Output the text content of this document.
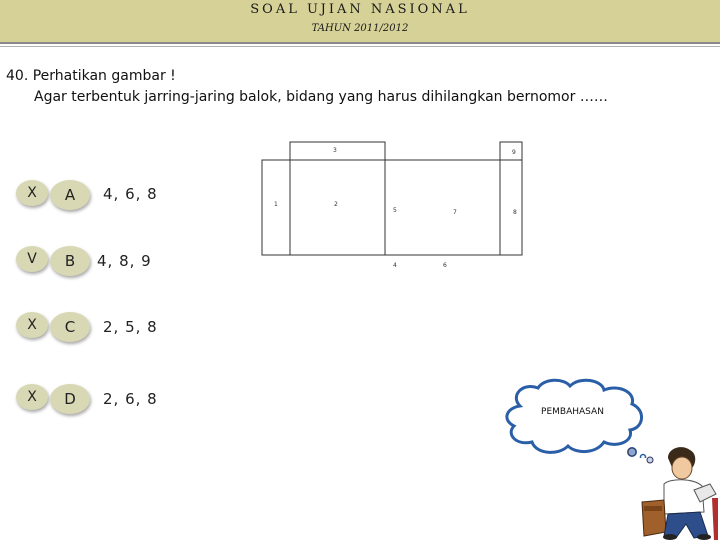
SOAL UJIAN NASIONAL
TAHUN 2011/2012
40. Perhatikan gambar !
Agar terbentuk jarring-jaring balok, bidang yang harus dihilangkan bernomor ……
X	A	4, 6, 8
V	B	4, 8, 9
X	C	2, 5, 8
X	D	2, 6, 8
3	9
1	2
5	7	8
4	6
PEMBAHASAN
